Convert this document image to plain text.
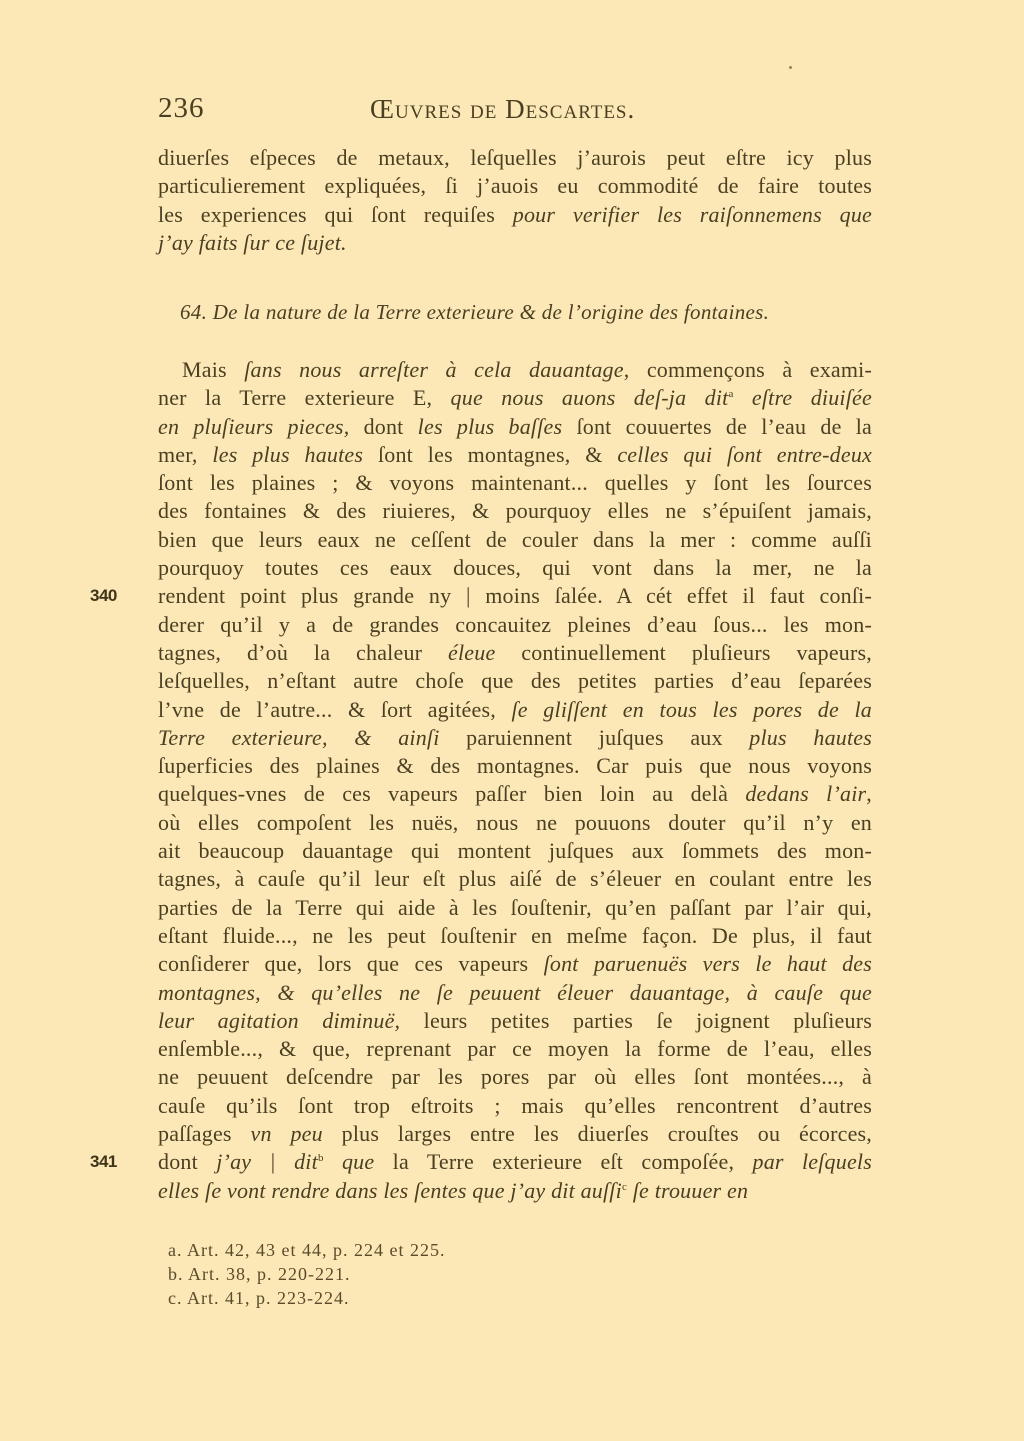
236	Œuvres de Descartes.
diuerſes eſpeces de metaux, leſquelles j’aurois peut eſtre icy plus
particulierement expliquées, ſi j’auois eu commodité de faire toutes
les experiences qui ſont requiſes pour verifier les raiſonnemens que
j’ay faits ſur ce ſujet.
64. De la nature de la Terre exterieure & de l’origine des fontaines.
Mais ſans nous arreſter à cela dauantage, commençons à exami-
ner la Terre exterieure E, que nous auons deſ-ja dit$^a$ eſtre diuiſée
en pluſieurs pieces, dont les plus baſſes ſont couuertes de l’eau de la
mer, les plus hautes ſont les montagnes, & celles qui ſont entre-deux
ſont les plaines ; & voyons maintenant... quelles y ſont les ſources
des fontaines & des riuieres, & pourquoy elles ne s’épuiſent jamais,
bien que leurs eaux ne ceſſent de couler dans la mer : comme auſſi
pourquoy toutes ces eaux douces, qui vont dans la mer, ne la
rendent point plus grande ny | moins ſalée. A cét effet il faut conſi-
derer qu’il y a de grandes concauitez pleines d’eau ſous... les mon-
tagnes, d’où la chaleur éleue continuellement pluſieurs vapeurs,
leſquelles, n’eſtant autre choſe que des petites parties d’eau ſeparées
l’vne de l’autre... & ſort agitées, ſe gliſſent en tous les pores de la
Terre exterieure, & ainſi paruiennent juſques aux plus hautes
ſuperficies des plaines & des montagnes. Car puis que nous voyons
quelques-vnes de ces vapeurs paſſer bien loin au delà dedans l’air,
où elles compoſent les nuës, nous ne pouuons douter qu’il n’y en
ait beaucoup dauantage qui montent juſques aux ſommets des mon-
tagnes, à cauſe qu’il leur eſt plus aiſé de s’éleuer en coulant entre les
parties de la Terre qui aide à les ſouſtenir, qu’en paſſant par l’air qui,
eſtant fluide..., ne les peut ſouſtenir en meſme façon. De plus, il faut
conſiderer que, lors que ces vapeurs ſont paruenuës vers le haut des
montagnes, & qu’elles ne ſe peuuent éleuer dauantage, à cauſe que
leur agitation diminuë, leurs petites parties ſe joignent pluſieurs
enſemble..., & que, reprenant par ce moyen la forme de l’eau, elles
ne peuuent deſcendre par les pores par où elles ſont montées..., à
cauſe qu’ils ſont trop eſtroits ; mais qu’elles rencontrent d’autres
paſſages vn peu plus larges entre les diuerſes crouſtes ou écorces,
dont j’ay | dit$^b$ que la Terre exterieure eſt compoſée, par leſquels
elles ſe vont rendre dans les ſentes que j’ay dit auſſi$^c$ ſe trouuer en
340
341
a. Art. 42, 43 et 44, p. 224 et 225.
b. Art. 38, p. 220-221.
c. Art. 41, p. 223-224.
